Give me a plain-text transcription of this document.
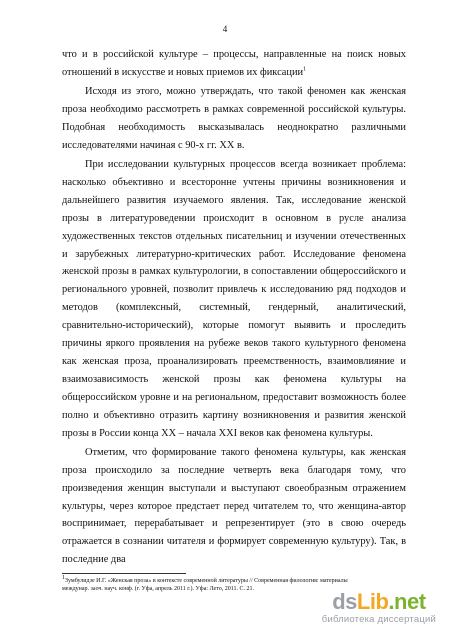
4

что и в российской культуре – процессы, направленные на поиск новых отношений в искусстве и новых приемов их фиксации$^1$

Исходя из этого, можно утверждать, что такой феномен как женская проза необходимо рассмотреть в рамках современной российской культуры. Подобная необходимость высказывалась неоднократно различными исследователями начиная с 90-х гг. XX в.

При исследовании культурных процессов всегда возникает проблема: насколько объективно и всесторонне учтены причины возникновения и дальнейшего развития изучаемого явления. Так, исследование женской прозы в литературоведении происходит в основном в русле анализа художественных текстов отдельных писательниц и изучении отечественных и зарубежных литературно-критических работ. Исследование феномена женской прозы в рамках культурологии, в сопоставлении общероссийского и регионального уровней, позволит привлечь к исследованию ряд подходов и методов (комплексный, системный, гендерный, аналитический, сравнительно-исторический), которые помогут выявить и проследить причины яркого проявления на рубеже веков такого культурного феномена как женская проза, проанализировать преемственность, взаимовлияние и взаимозависимость женской прозы как феномена культуры на общероссийском уровне и на региональном, предоставит возможность более полно и объективно отразить картину возникновения и развития женской прозы в России конца XX – начала XXI веков как феномена культуры.

Отметим, что формирование такого феномена культуры, как женская проза происходило за последние четверть века благодаря тому, что произведения женщин выступали и выступают своеобразным отражением культуры, через которое предстает перед читателем то, что женщина-автор воспринимает, перерабатывает и репрезентирует (это в свою очередь отражается в сознании читателя и формирует современную культуру). Так, в последние два

$^1$Зумбулидзе И.Г. «Женская проза» в контексте современной литературы // Современная филология: материалы междунар. заоч. науч. конф. (г. Уфа, апрель 2011 г.). Уфа: Лето, 2011. С. 21.	dsLib.net
библиотека диссертаций
